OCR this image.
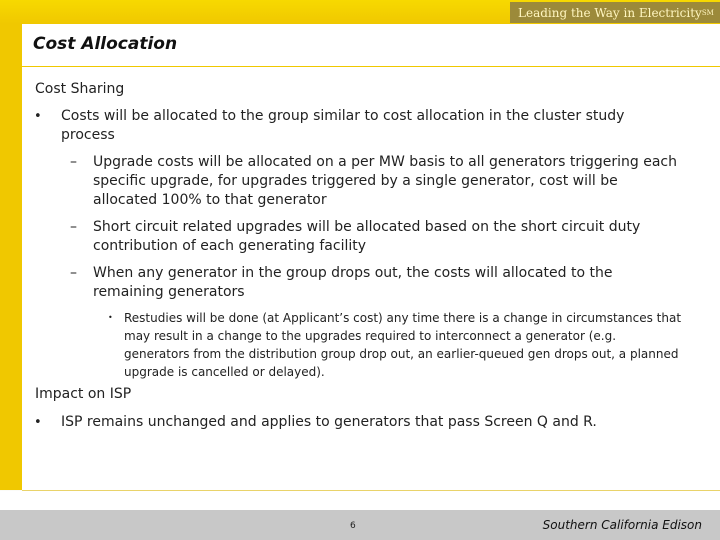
Leading the Way in Electricity℠
Cost Allocation
Cost Sharing
• Costs will be allocated to the group similar to cost allocation in the cluster study process
– Upgrade costs will be allocated on a per MW basis to all generators triggering each specific upgrade, for upgrades triggered by a single generator, cost will be allocated 100% to that generator
– Short circuit related upgrades will be allocated based on the short circuit duty contribution of each generating facility
– When any generator in the group drops out, the costs will allocated to the remaining generators
• Restudies will be done (at Applicant’s cost) any time there is a change in circumstances that may result in a change to the upgrades required to interconnect a generator (e.g. generators from the distribution group drop out, an earlier-queued gen drops out, a planned upgrade is cancelled or delayed).
Impact on ISP
• ISP remains unchanged and applies to generators that pass Screen Q and R.
6	Southern California Edison
